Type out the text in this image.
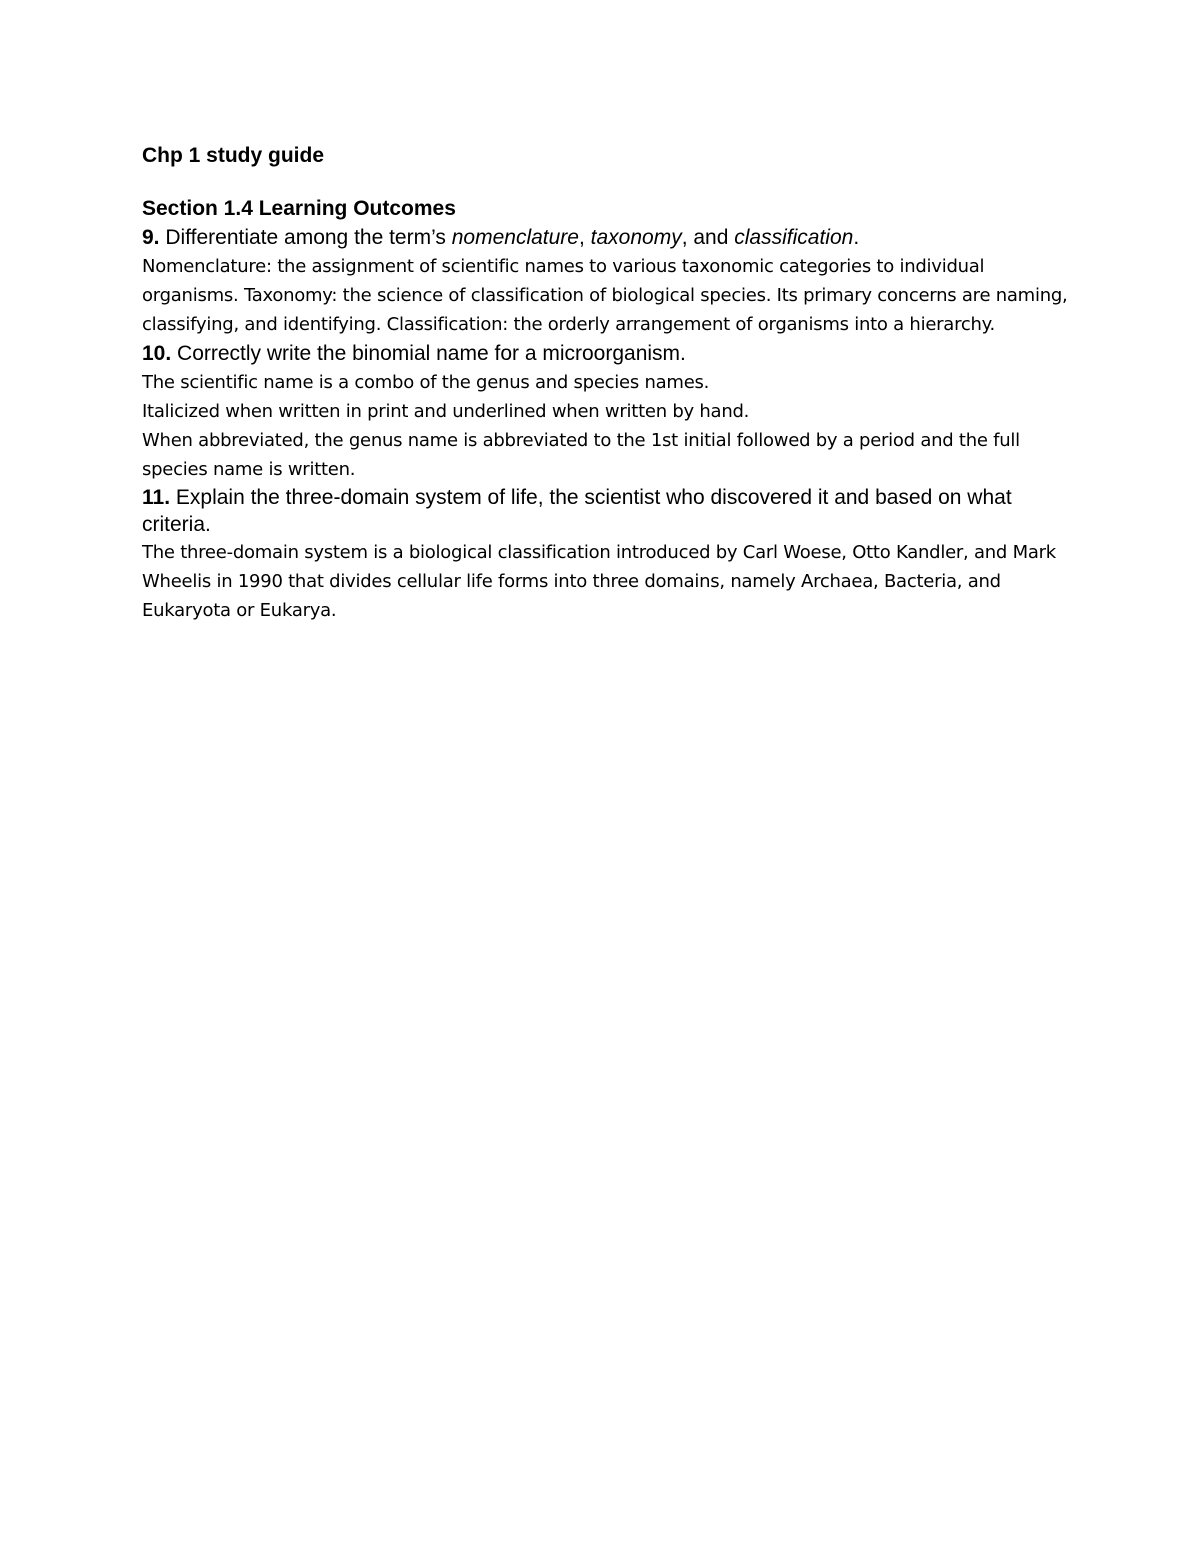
Chp 1 study guide
Section 1.4 Learning Outcomes

9. Differentiate among the term’s nomenclature, taxonomy, and classification.

Nomenclature: the assignment of scientific names to various taxonomic categories to individual organisms. Taxonomy: the science of classification of biological species. Its primary concerns are naming, classifying, and identifying. Classification: the orderly arrangement of organisms into a hierarchy.

10. Correctly write the binomial name for a microorganism.

The scientific name is a combo of the genus and species names.

Italicized when written in print and underlined when written by hand.

When abbreviated, the genus name is abbreviated to the 1st initial followed by a period and the full species name is written.

11. Explain the three-domain system of life, the scientist who discovered it and based on what criteria.

The three-domain system is a biological classification introduced by Carl Woese, Otto Kandler, and Mark Wheelis in 1990 that divides cellular life forms into three domains, namely Archaea, Bacteria, and Eukaryota or Eukarya.
